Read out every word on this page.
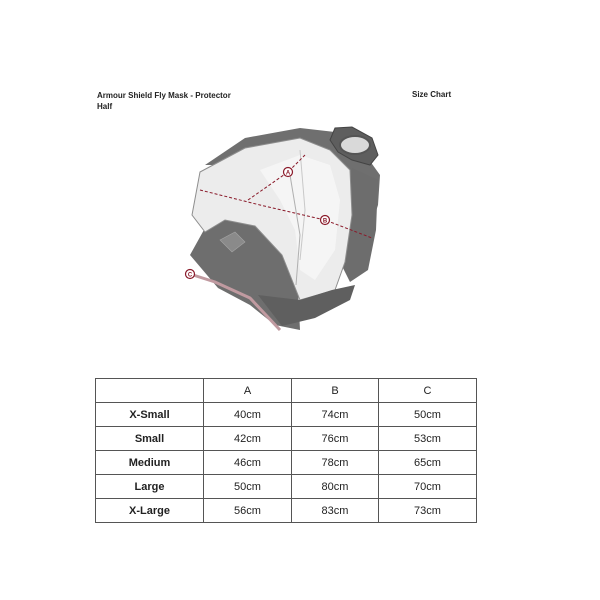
Armour Shield Fly Mask - Protector
Half
Size Chart
A
B
C
	A	B	C
X-Small	40cm	74cm	50cm
Small	42cm	76cm	53cm
Medium	46cm	78cm	65cm
Large	50cm	80cm	70cm
X-Large	56cm	83cm	73cm
